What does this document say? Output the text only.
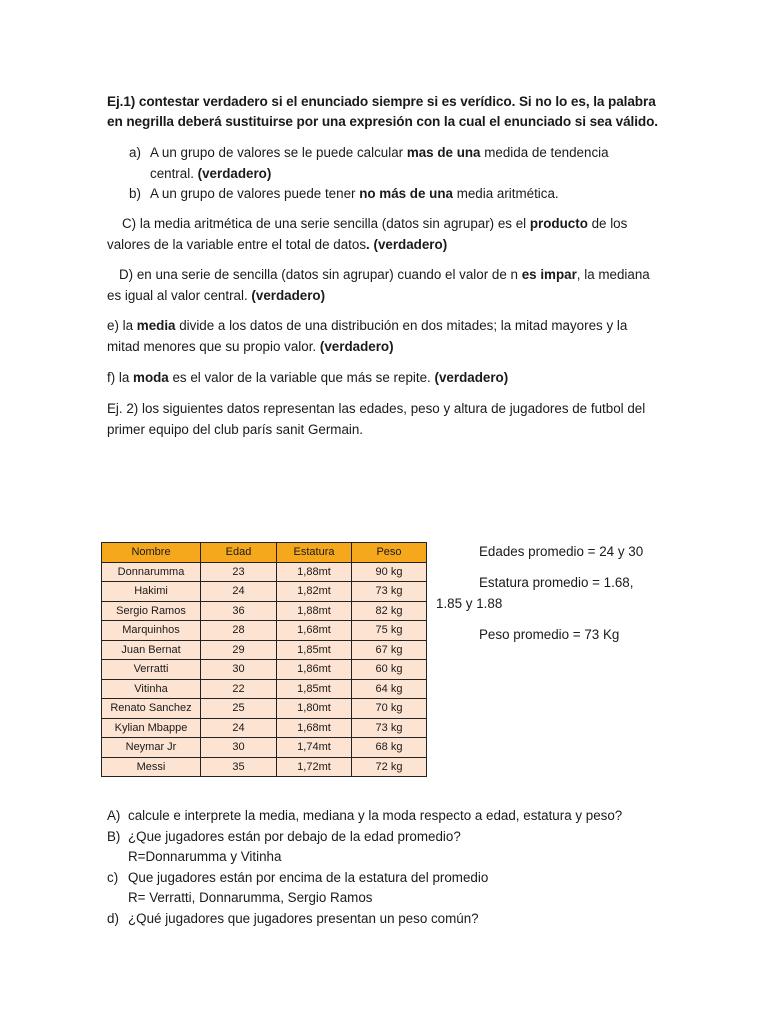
Ej.1) contestar verdadero si el enunciado siempre si es verídico. Si no lo es, la palabra en negrilla deberá sustituirse por una expresión con la cual el enunciado si sea válido.

a) A un grupo de valores se le puede calcular mas de una medida de tendencia central. (verdadero)
b) A un grupo de valores puede tener no más de una media aritmética.

C) la media aritmética de una serie sencilla (datos sin agrupar) es el producto de los valores de la variable entre el total de datos. (verdadero)

D) en una serie de sencilla (datos sin agrupar) cuando el valor de n es impar, la mediana es igual al valor central. (verdadero)

e) la media divide a los datos de una distribución en dos mitades; la mitad mayores y la mitad menores que su propio valor. (verdadero)

f) la moda es el valor de la variable que más se repite. (verdadero)

Ej. 2) los siguientes datos representan las edades, peso y altura de jugadores de futbol del primer equipo del club parís sanit Germain.

Nombre	Edad	Estatura	Peso
Donnarumma	23	1,88mt	90 kg
Hakimi	24	1,82mt	73 kg
Sergio Ramos	36	1,88mt	82 kg
Marquinhos	28	1,68mt	75 kg
Juan Bernat	29	1,85mt	67 kg
Verratti	30	1,86mt	60 kg
Vitinha	22	1,85mt	64 kg
Renato Sanchez	25	1,80mt	70 kg
Kylian Mbappe	24	1,68mt	73 kg
Neymar Jr	30	1,74mt	68 kg
Messi	35	1,72mt	72 kg

Edades promedio = 24 y 30

Estatura promedio = 1.68,

1.85 y 1.88

Peso promedio = 73 Kg

A) calcule e interprete la media, mediana y la moda respecto a edad, estatura y peso?
B) ¿Que jugadores están por debajo de la edad promedio?
R=Donnarumma y Vitinha
c) Que jugadores están por encima de la estatura del promedio
R= Verratti, Donnarumma, Sergio Ramos
d) ¿Qué jugadores que jugadores presentan un peso común?
